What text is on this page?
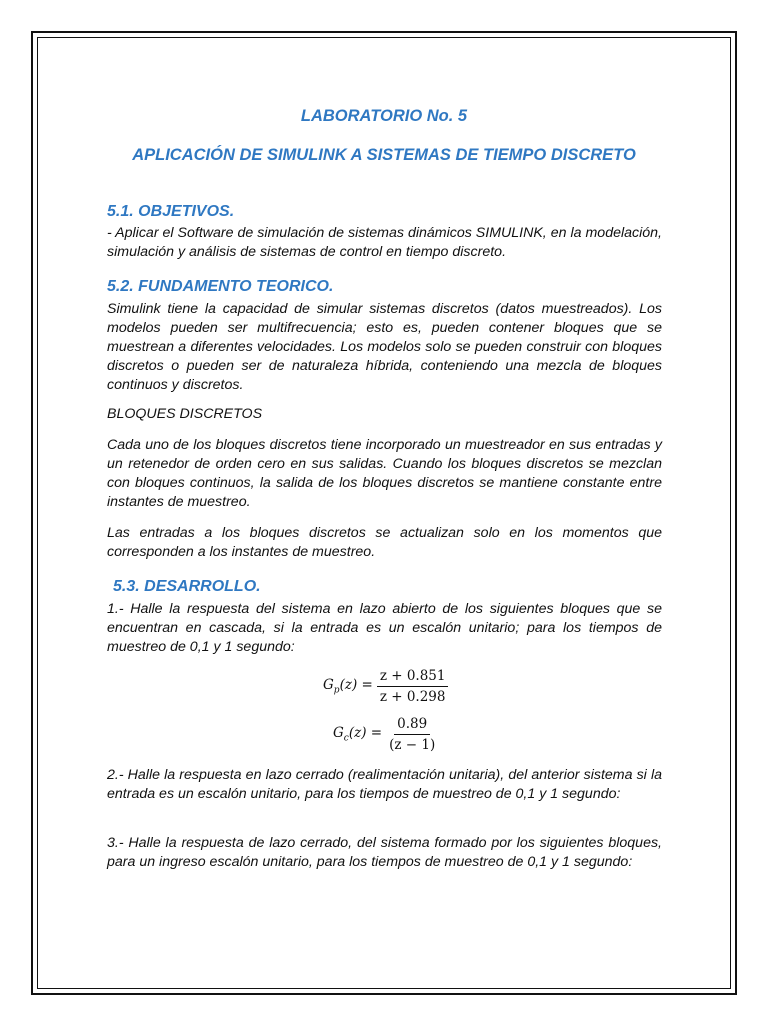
LABORATORIO No. 5
APLICACIÓN DE SIMULINK A SISTEMAS DE TIEMPO DISCRETO
5.1. OBJETIVOS.

- Aplicar el Software de simulación de sistemas dinámicos SIMULINK, en la modelación, simulación y análisis de sistemas de control en tiempo discreto.

5.2. FUNDAMENTO TEORICO.

Simulink tiene la capacidad de simular sistemas discretos (datos muestreados). Los modelos pueden ser multifrecuencia; esto es, pueden contener bloques que se muestrean a diferentes velocidades. Los modelos solo se pueden construir con bloques discretos o pueden ser de naturaleza híbrida, conteniendo una mezcla de bloques continuos y discretos.

BLOQUES DISCRETOS

Cada uno de los bloques discretos tiene incorporado un muestreador en sus entradas y un retenedor de orden cero en sus salidas. Cuando los bloques discretos se mezclan con bloques continuos, la salida de los bloques discretos se mantiene constante entre instantes de muestreo.

Las entradas a los bloques discretos se actualizan solo en los momentos que corresponden a los instantes de muestreo.

5.3. DESARROLLO.

1.- Halle la respuesta del sistema en lazo abierto de los siguientes bloques que se encuentran en cascada, si la entrada es un escalón unitario; para los tiempos de muestreo de 0,1 y 1 segundo:

$G_p(z) = \frac{z + 0.851}{z + 0.298}$
$G_c(z) = \frac{0.89}{(z - 1)}$

2.- Halle la respuesta en lazo cerrado (realimentación unitaria), del anterior sistema si la entrada es un escalón unitario, para los tiempos de muestreo de 0,1 y 1 segundo:

3.- Halle la respuesta de lazo cerrado, del sistema formado por los siguientes bloques, para un ingreso escalón unitario, para los tiempos de muestreo de 0,1 y 1 segundo:
